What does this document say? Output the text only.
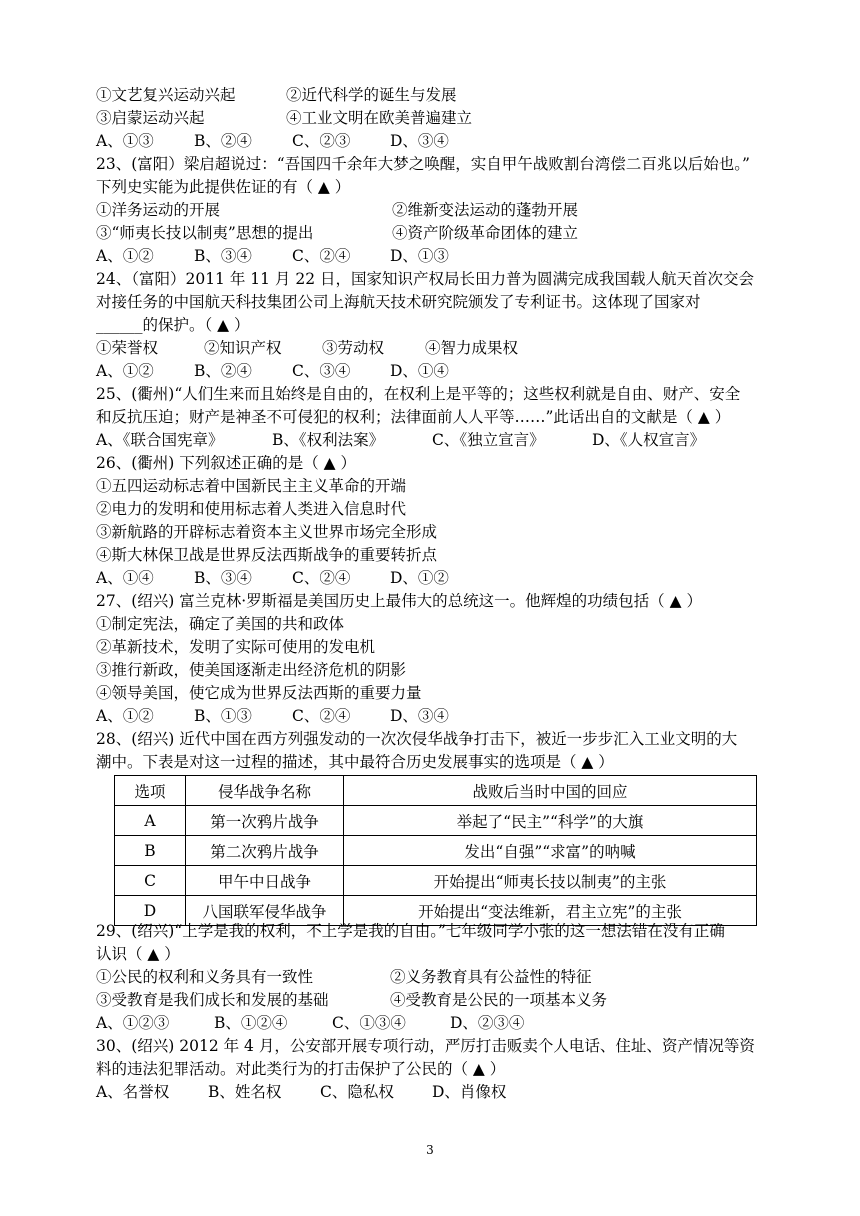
①文艺复兴运动兴起	②近代科学的诞生与发展
③启蒙运动兴起	④工业文明在欧美普遍建立
A、①③	B、②④	C、②③	D、③④
23、(富阳）梁启超说过：“吾国四千余年大梦之唤醒，实自甲午战败割台湾偿二百兆以后始也。”
下列史实能为此提供佐证的有（ ▲ ）
①洋务运动的开展	②维新变法运动的蓬勃开展
③“师夷长技以制夷”思想的提出	④资产阶级革命团体的建立
A、①②	B、③④	C、②④	D、①③
24、（富阳）2011 年 11 月 22 日，国家知识产权局长田力普为圆满完成我国载人航天首次交会
对接任务的中国航天科技集团公司上海航天技术研究院颁发了专利证书。这体现了国家对
______的保护。（ ▲ ）
①荣誉权	②知识产权	③劳动权	④智力成果权
A、①②	B、②④	C、③④	D、①④
25、(衢州)“人们生来而且始终是自由的，在权利上是平等的；这些权利就是自由、财产、安全
和反抗压迫；财产是神圣不可侵犯的权利；法律面前人人平等……”此话出自的文献是（ ▲ ）
A、《联合国宪章》	B、《权利法案》	C、《独立宣言》	D、《人权宣言》
26、(衢州) 下列叙述正确的是（ ▲ ）
①五四运动标志着中国新民主主义革命的开端
②电力的发明和使用标志着人类进入信息时代
③新航路的开辟标志着资本主义世界市场完全形成
④斯大林保卫战是世界反法西斯战争的重要转折点
A、①④	B、③④	C、②④	D、①②
27、(绍兴) 富兰克林·罗斯福是美国历史上最伟大的总统这一。他辉煌的功绩包括（ ▲ ）
①制定宪法，确定了美国的共和政体
②革新技术，发明了实际可使用的发电机
③推行新政，使美国逐渐走出经济危机的阴影
④领导美国，使它成为世界反法西斯的重要力量
A、①②	B、①③	C、②④	D、③④
28、(绍兴) 近代中国在西方列强发动的一次次侵华战争打击下，被近一步步汇入工业文明的大
潮中。下表是对这一过程的描述，其中最符合历史发展事实的选项是（ ▲ ）
选项	侵华战争名称	战败后当时中国的回应
A	第一次鸦片战争	举起了“民主”“科学”的大旗
B	第二次鸦片战争	发出“自强”“求富”的呐喊
C	甲午中日战争	开始提出“师夷长技以制夷”的主张
D	八国联军侵华战争	开始提出“变法维新，君主立宪”的主张
29、(绍兴)“上学是我的权利，不上学是我的自由。”七年级同学小张的这一想法错在没有正确
认识（ ▲ ）
①公民的权利和义务具有一致性	②义务教育具有公益性的特征
③受教育是我们成长和发展的基础	④受教育是公民的一项基本义务
A、①②③	B、①②④	C、①③④	D、②③④
30、(绍兴) 2012 年 4 月，公安部开展专项行动，严厉打击贩卖个人电话、住址、资产情况等资
料的违法犯罪活动。对此类行为的打击保护了公民的（ ▲ ）
A、名誉权	B、姓名权 C、隐私权 D、肖像权
3
